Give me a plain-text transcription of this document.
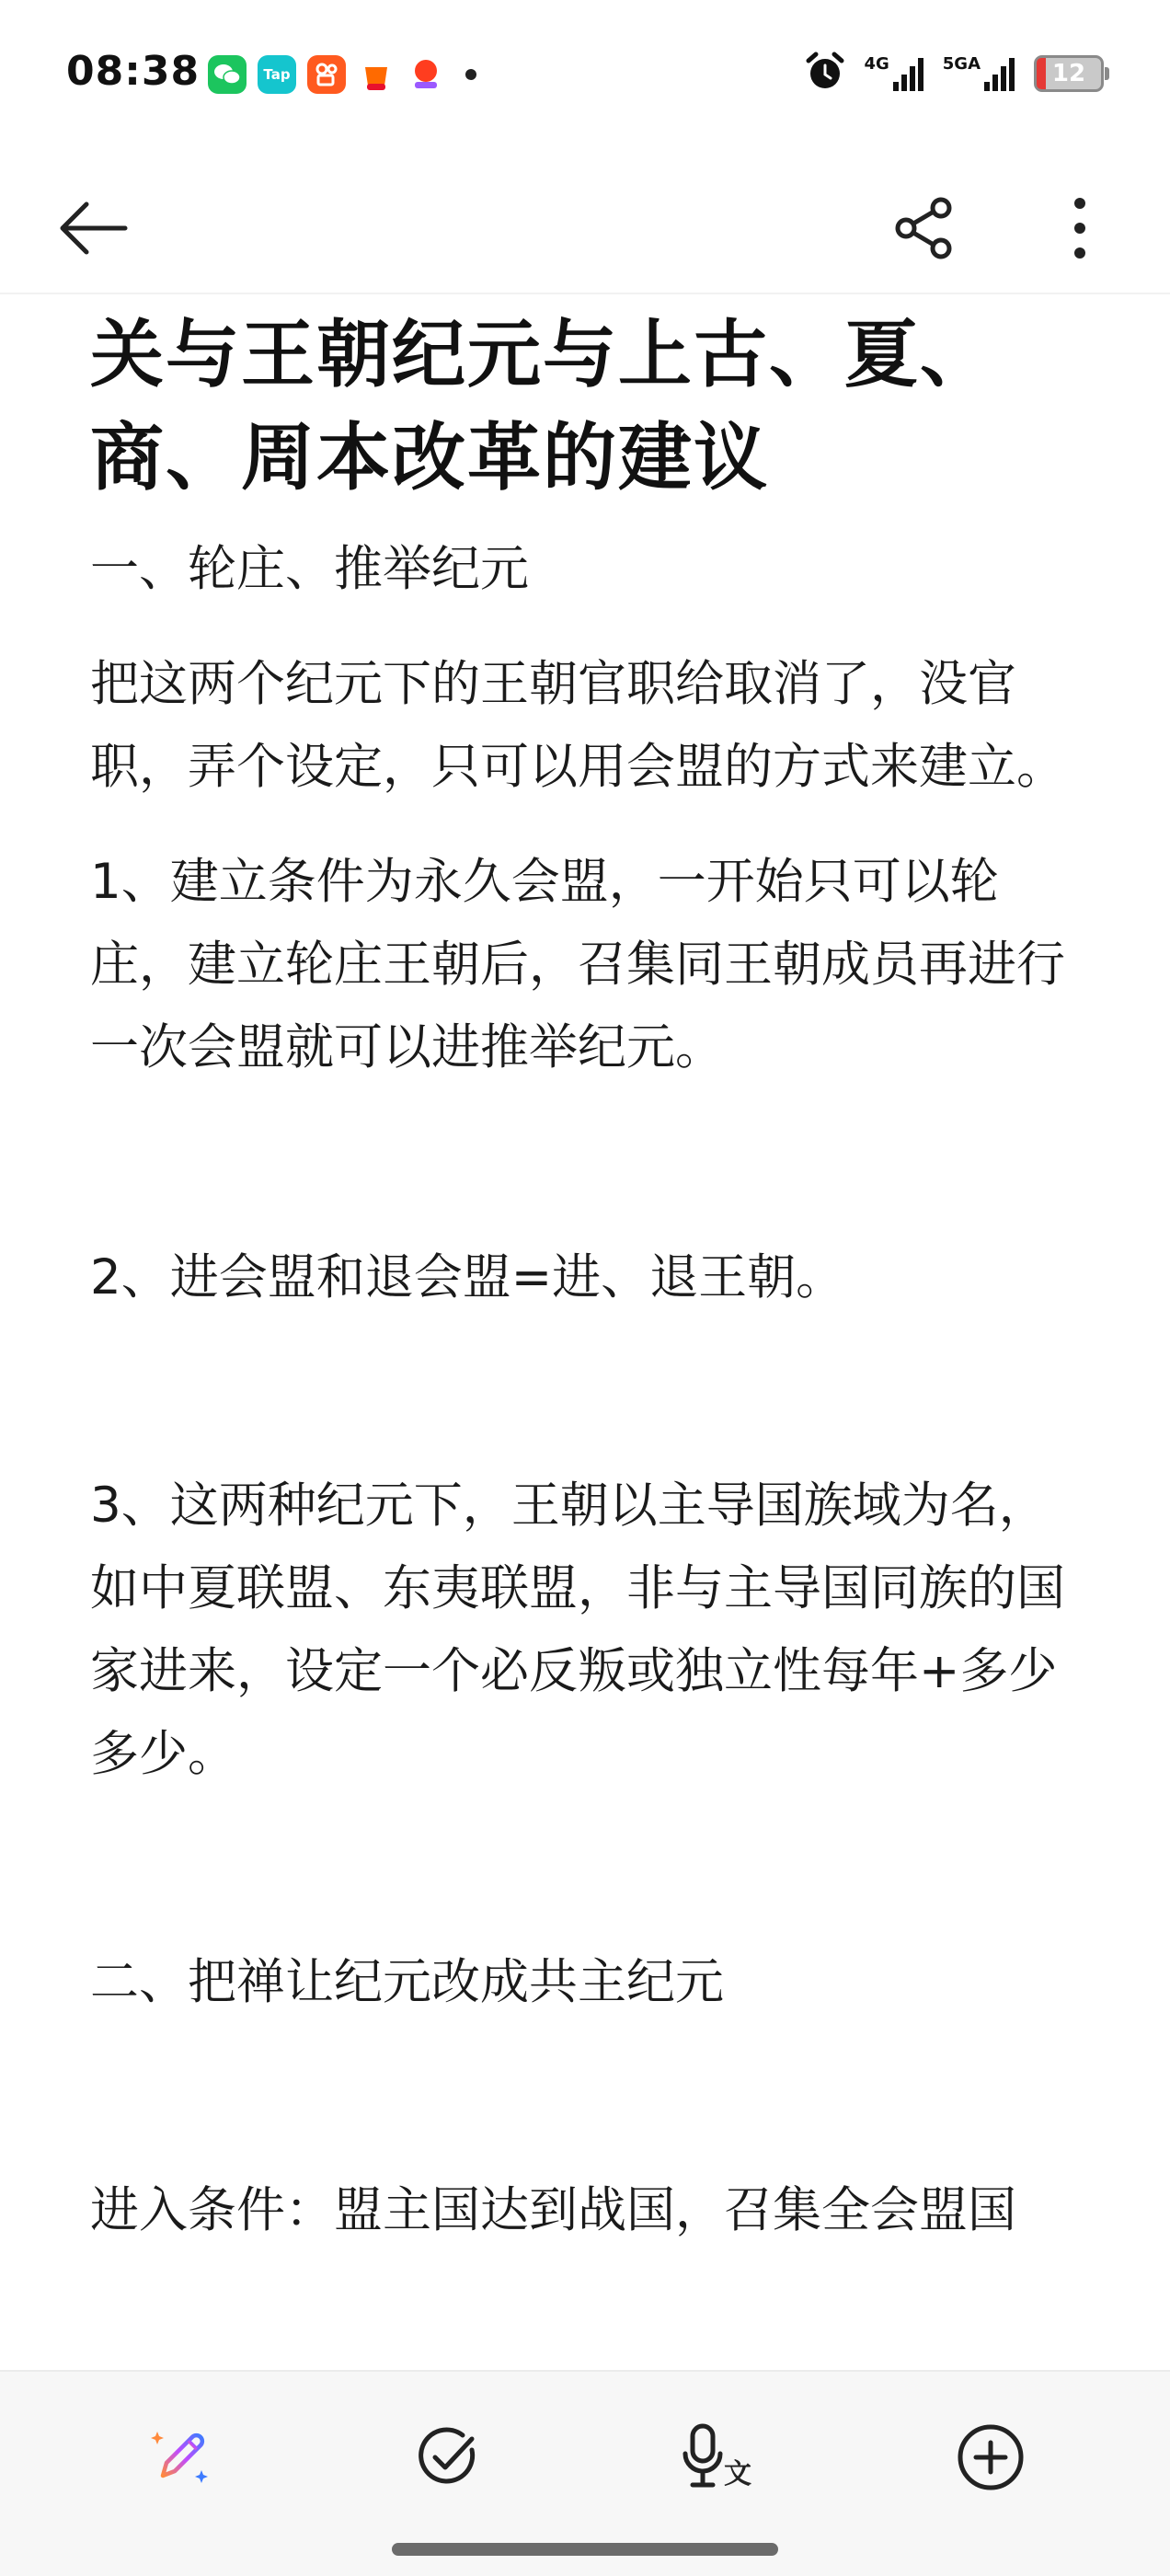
08:38	Tap
4G	5GA	12
关与王朝纪元与上古、夏、商、周本改革的建议
一、轮庄、推举纪元
把这两个纪元下的王朝官职给取消了，没官职，弄个设定，只可以用会盟的方式来建立。
1、建立条件为永久会盟，一开始只可以轮庄，建立轮庄王朝后，召集同王朝成员再进行一次会盟就可以进推举纪元。
2、进会盟和退会盟=进、退王朝。
3、这两种纪元下，王朝以主导国族域为名，如中夏联盟、东夷联盟，非与主导国同族的国家进来，设定一个必反叛或独立性每年+多少多少。
二、把禅让纪元改成共主纪元
进入条件：盟主国达到战国，召集全会盟国
文
